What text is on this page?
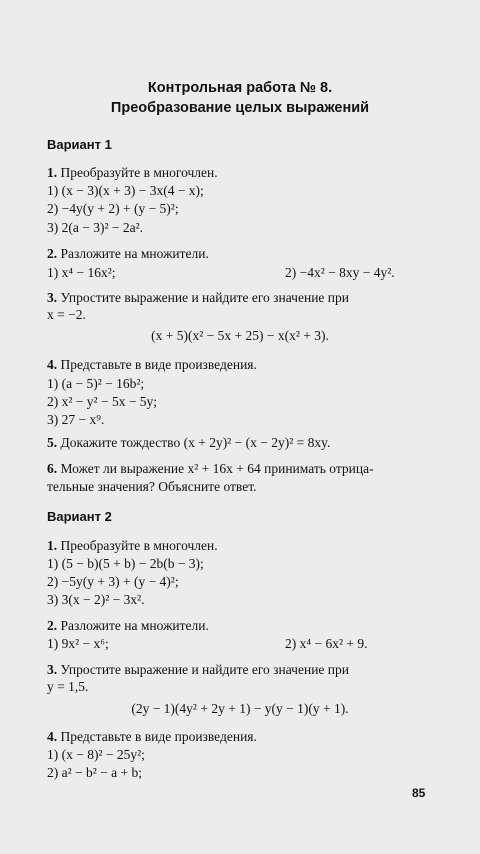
Контрольная работа № 8.
Преобразование целых выражений
Вариант 1
1. Преобразуйте в многочлен.
1) (x − 3)(x + 3) − 3x(4 − x);
2) −4y(y + 2) + (y − 5)²;
3) 2(a − 3)² − 2a².
2. Разложите на множители.
1) x⁴ − 16x²;	2) −4x² − 8xy − 4y².
3. Упростите выражение и найдите его значение при
x = −2.
(x + 5)(x² − 5x + 25) − x(x² + 3).
4. Представьте в виде произведения.
1) (a − 5)² − 16b²;
2) x² − y² − 5x − 5y;
3) 27 − x⁹.
5. Докажите тождество (x + 2y)² − (x − 2y)² = 8xy.
6. Может ли выражение x² + 16x + 64 принимать отрица-
тельные значения? Объясните ответ.
Вариант 2
1. Преобразуйте в многочлен.
1) (5 − b)(5 + b) − 2b(b − 3);
2) −5y(y + 3) + (y − 4)²;
3) 3(x − 2)² − 3x².
2. Разложите на множители.
1) 9x² − x⁶;	2) x⁴ − 6x² + 9.
3. Упростите выражение и найдите его значение при
y = 1,5.
(2y − 1)(4y² + 2y + 1) − y(y − 1)(y + 1).
4. Представьте в виде произведения.
1) (x − 8)² − 25y²;
2) a² − b² − a + b;
85
